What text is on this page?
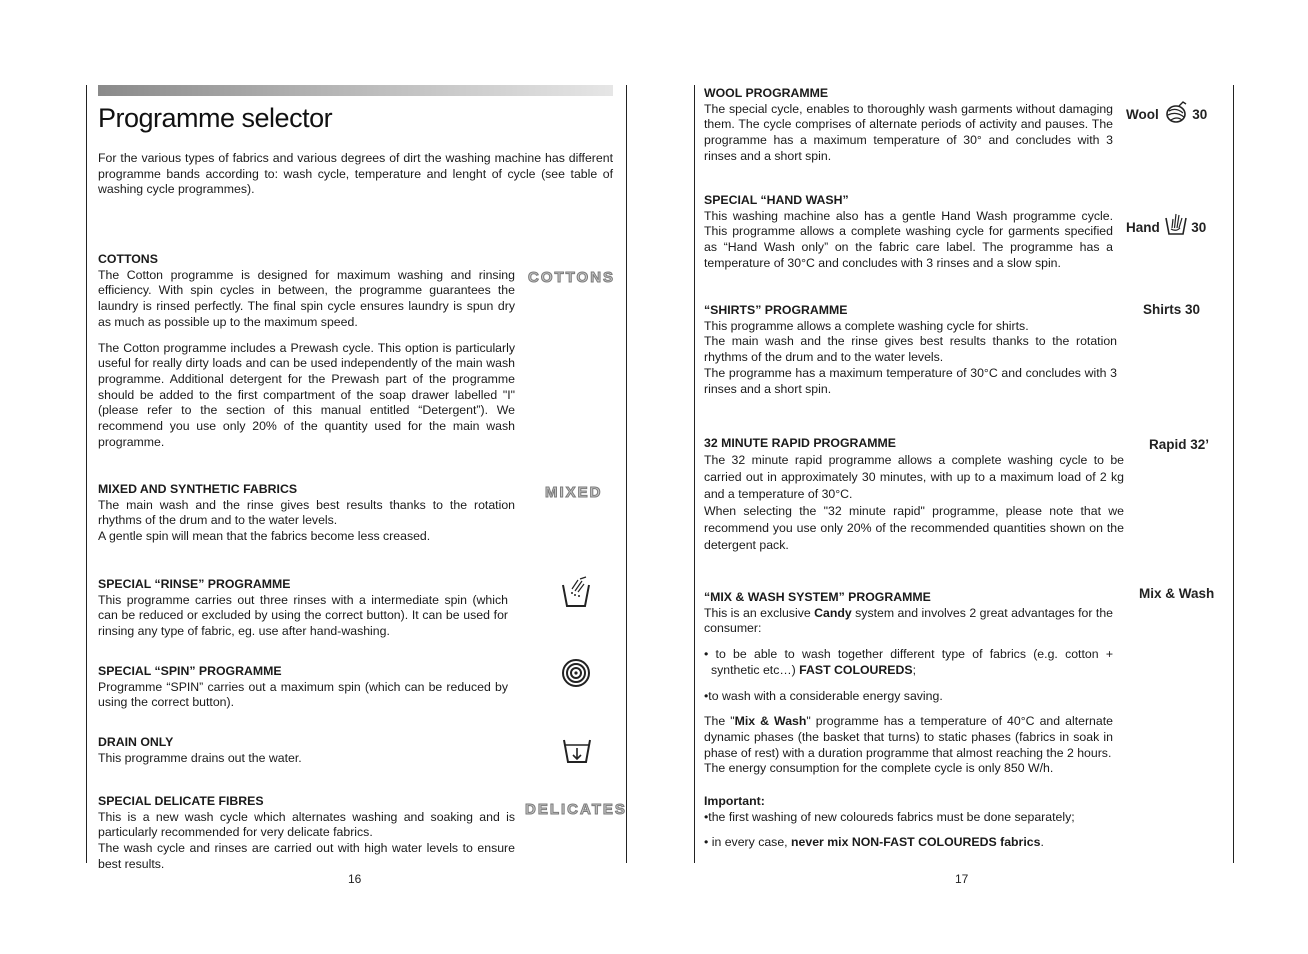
Programme selector
For the various types of fabrics and various degrees of dirt the washing machine has different programme bands according to: wash cycle, temperature and lenght of cycle (see table of washing cycle programmes).
COTTONS

The Cotton programme is designed for maximum washing and rinsing efficiency. With spin cycles in between, the programme guarantees the laundry is rinsed perfectly. The final spin cycle ensures laundry is spun dry as much as possible up to the maximum speed.

The Cotton programme includes a Prewash cycle. This option is particularly useful for really dirty loads and can be used independently of the main wash programme. Additional detergent for the Prewash part of the programme should be added to the first compartment of the soap drawer labelled "I" (please refer to the section of this manual entitled “Detergent”). We recommend you use only 20% of the quantity used for the main wash programme.

COTTONS
MIXED AND SYNTHETIC FABRICS

The main wash and the rinse gives best results thanks to the rotation rhythms of the drum and to the water levels.

A gentle spin will mean that the fabrics become less creased.

MIXED
SPECIAL “RINSE” PROGRAMME

This programme carries out three rinses with a intermediate spin (which can be reduced or excluded by using the correct button). It can be used for rinsing any type of fabric, eg. use after hand-washing.

SPECIAL “SPIN” PROGRAMME

Programme “SPIN” carries out a maximum spin (which can be reduced by using the correct button).

DRAIN ONLY

This programme drains out the water.

SPECIAL DELICATE FIBRES

This is a new wash cycle which alternates washing and soaking and is particularly recommended for very delicate fabrics.

The wash cycle and rinses are carried out with high water levels to ensure best results.

DELICATES
16
WOOL PROGRAMME

The special cycle, enables to thoroughly wash garments without damaging them. The cycle comprises of alternate periods of activity and pauses. The programme has a maximum temperature of 30° and concludes with 3 rinses and a short spin.

Wool 30
SPECIAL “HAND WASH”

This washing machine also has a gentle Hand Wash programme cycle. This programme allows a complete washing cycle for garments specified as “Hand Wash only” on the fabric care label. The programme has a temperature of 30°C and concludes with 3 rinses and a slow spin.

Hand 30
“SHIRTS” PROGRAMME

This programme allows a complete washing cycle for shirts.

The main wash and the rinse gives best results thanks to the rotation rhythms of the drum and to the water levels.

The programme has a maximum temperature of 30°C and concludes with 3 rinses and a short spin.

Shirts 30
32 MINUTE RAPID PROGRAMME

The 32 minute rapid programme allows a complete washing cycle to be carried out in approximately 30 minutes, with up to a maximum load of 2 kg and a temperature of 30°C.

When selecting the "32 minute rapid" programme, please note that we recommend you use only 20% of the recommended quantities shown on the detergent pack.

Rapid 32’
“MIX & WASH SYSTEM” PROGRAMME

This is an exclusive Candy system and involves 2 great advantages for the consumer:

• to be able to wash together different type of fabrics (e.g. cotton + synthetic etc…) FAST COLOUREDS;

•to wash with a considerable energy saving.

The "Mix & Wash" programme has a temperature of 40°C and alternate dynamic phases (the basket that turns) to static phases (fabrics in soak in phase of rest) with a duration programme that almost reaching the 2 hours.

The energy consumption for the complete cycle is only 850 W/h.

Important:

•the first washing of new coloureds fabrics must be done separately;

• in every case, never mix NON-FAST COLOUREDS fabrics.

Mix & Wash
17
